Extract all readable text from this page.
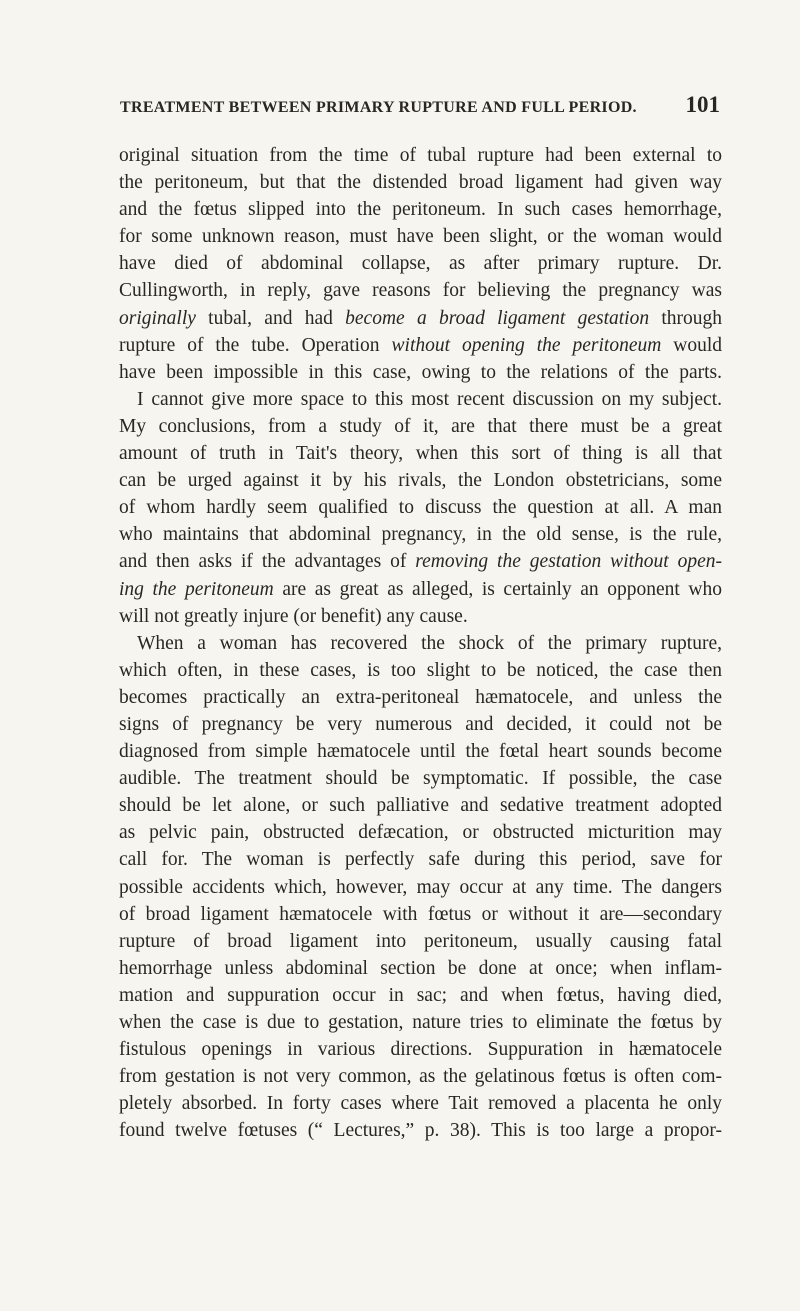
TREATMENT BETWEEN PRIMARY RUPTURE AND FULL PERIOD. 101
original situation from the time of tubal rupture had been external to
the peritoneum, but that the distended broad ligament had given way
and the fœtus slipped into the peritoneum. In such cases hemorrhage,
for some unknown reason, must have been slight, or the woman would
have died of abdominal collapse, as after primary rupture. Dr.
Cullingworth, in reply, gave reasons for believing the pregnancy was
originally tubal, and had become a broad ligament gestation through
rupture of the tube. Operation without opening the peritoneum would
have been impossible in this case, owing to the relations of the parts.
I cannot give more space to this most recent discussion on my subject.
My conclusions, from a study of it, are that there must be a great
amount of truth in Tait's theory, when this sort of thing is all that
can be urged against it by his rivals, the London obstetricians, some
of whom hardly seem qualified to discuss the question at all. A man
who maintains that abdominal pregnancy, in the old sense, is the rule,
and then asks if the advantages of removing the gestation without open-
ing the peritoneum are as great as alleged, is certainly an opponent who
will not greatly injure (or benefit) any cause.
When a woman has recovered the shock of the primary rupture,
which often, in these cases, is too slight to be noticed, the case then
becomes practically an extra-peritoneal hæmatocele, and unless the
signs of pregnancy be very numerous and decided, it could not be
diagnosed from simple hæmatocele until the fœtal heart sounds become
audible. The treatment should be symptomatic. If possible, the case
should be let alone, or such palliative and sedative treatment adopted
as pelvic pain, obstructed defæcation, or obstructed micturition may
call for. The woman is perfectly safe during this period, save for
possible accidents which, however, may occur at any time. The dangers
of broad ligament hæmatocele with fœtus or without it are—secondary
rupture of broad ligament into peritoneum, usually causing fatal
hemorrhage unless abdominal section be done at once; when inflam-
mation and suppuration occur in sac; and when fœtus, having died,
when the case is due to gestation, nature tries to eliminate the fœtus by
fistulous openings in various directions. Suppuration in hæmatocele
from gestation is not very common, as the gelatinous fœtus is often com-
pletely absorbed. In forty cases where Tait removed a placenta he only
found twelve fœtuses (“ Lectures,” p. 38). This is too large a propor-
